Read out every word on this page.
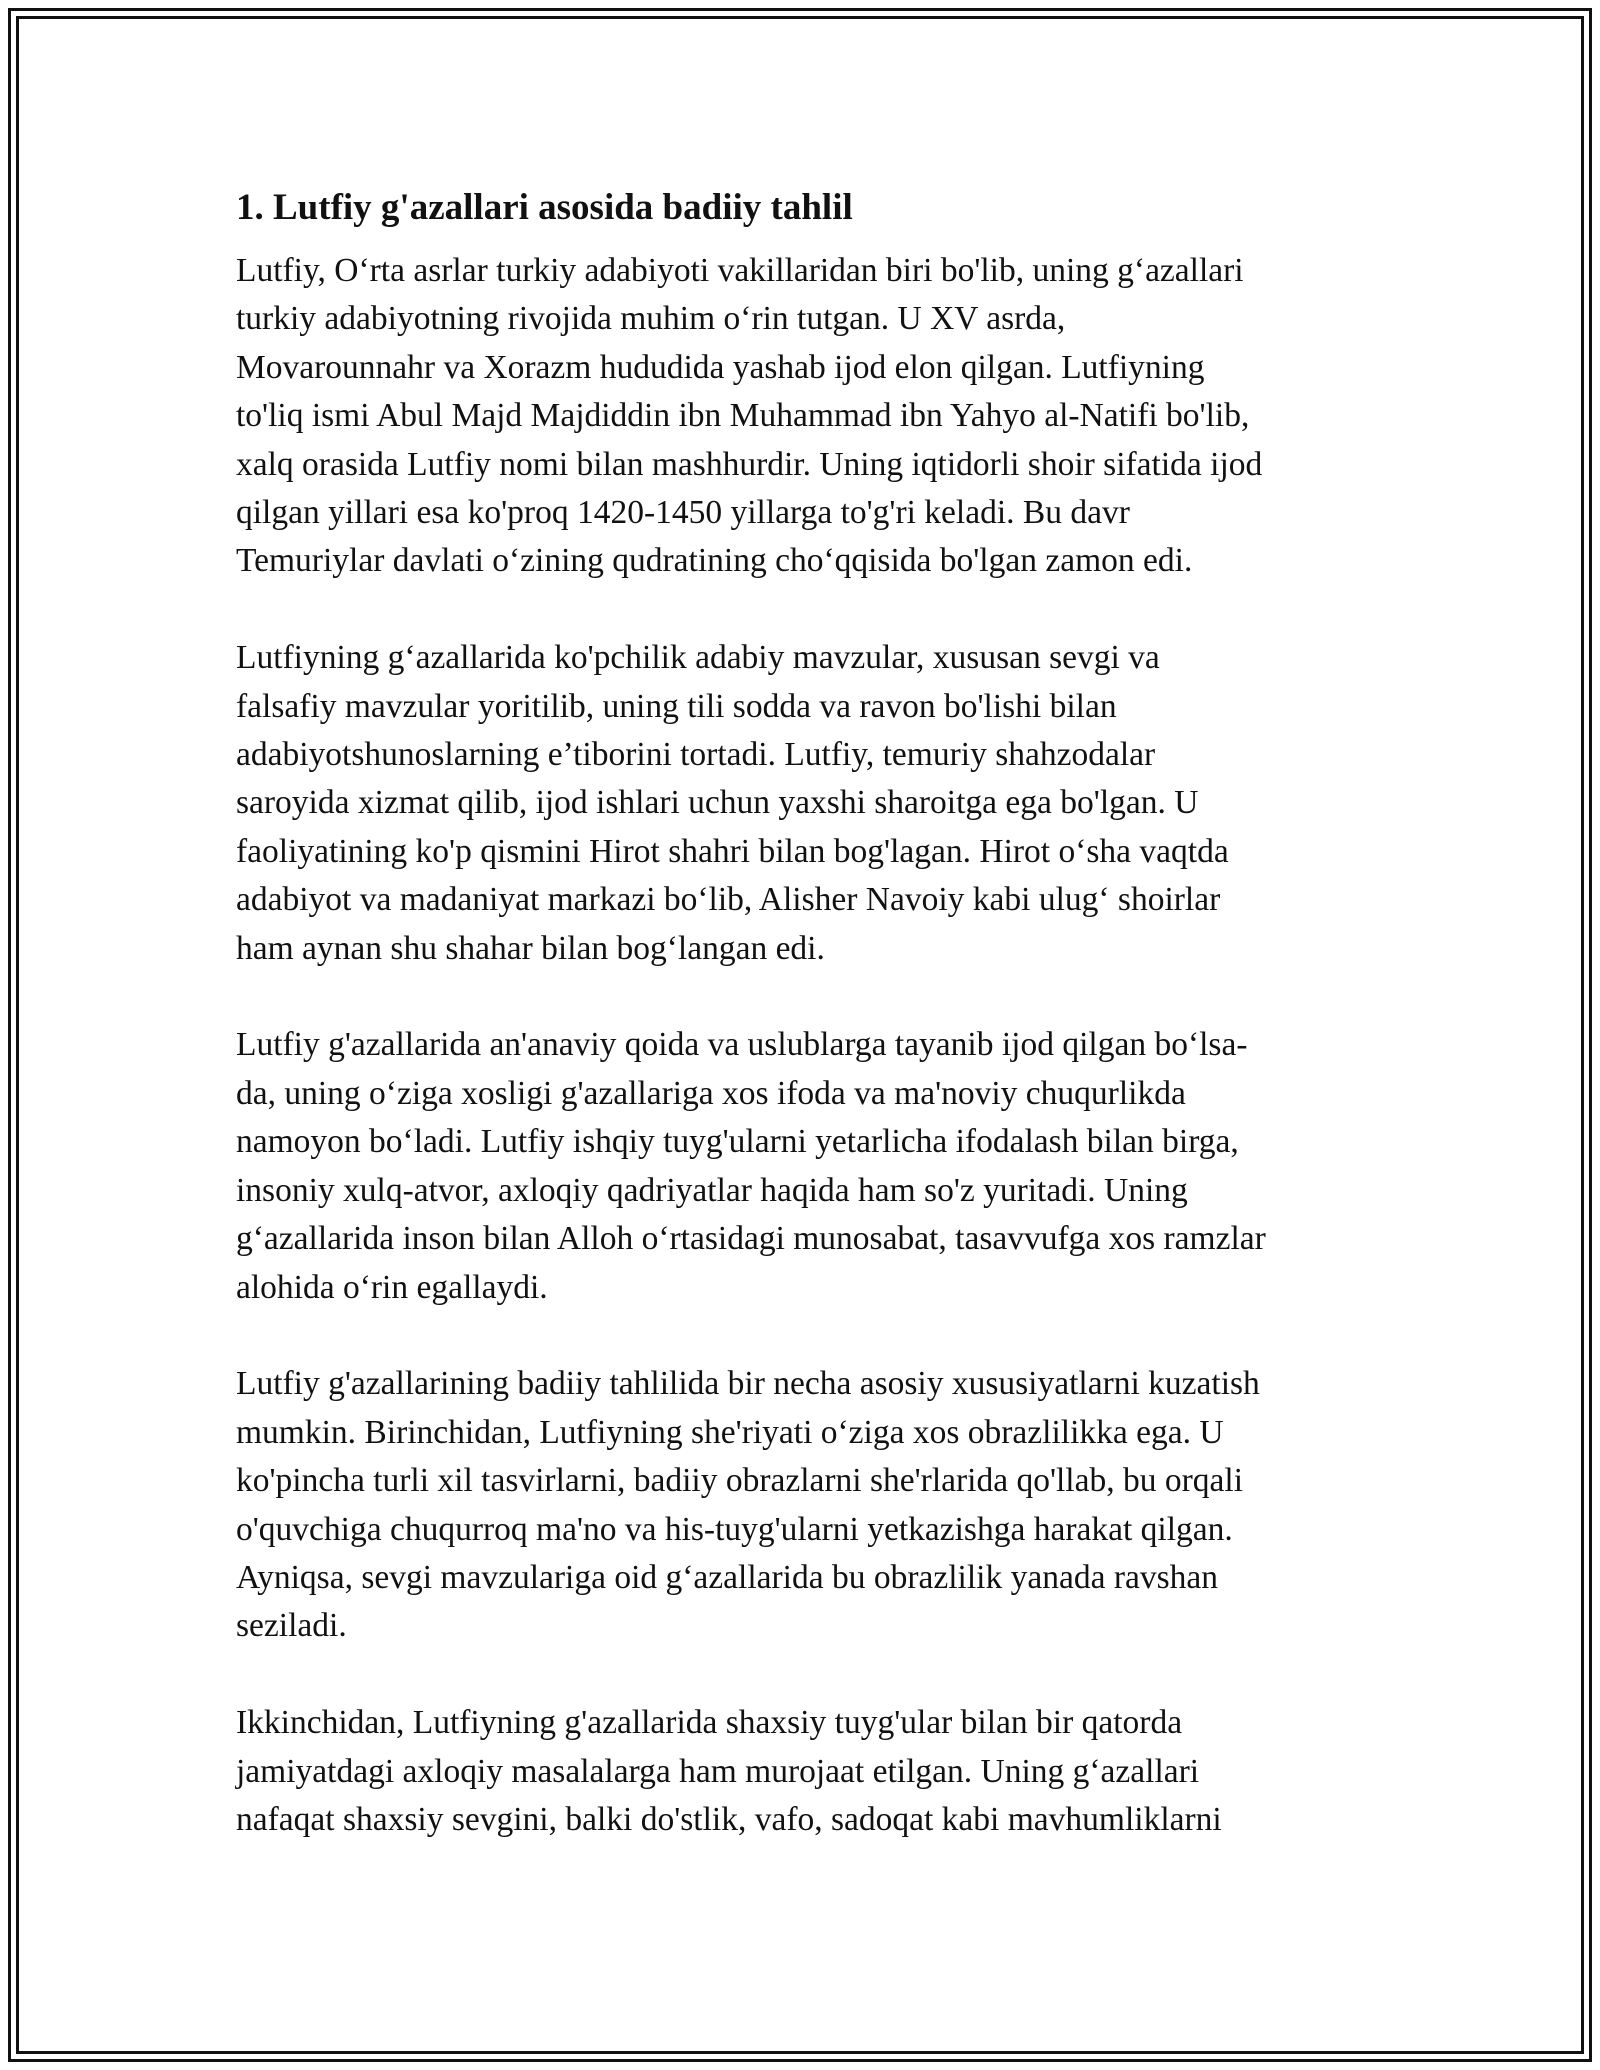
1. Lutfiy g'azallari asosida badiiy tahlil

Lutfiy, O‘rta asrlar turkiy adabiyoti vakillaridan biri bo'lib, uning g‘azallari
turkiy adabiyotning rivojida muhim o‘rin tutgan. U XV asrda,
Movarounnahr va Xorazm hududida yashab ijod elon qilgan. Lutfiyning
to'liq ismi Abul Majd Majdiddin ibn Muhammad ibn Yahyo al-Natifi bo'lib,
xalq orasida Lutfiy nomi bilan mashhurdir. Uning iqtidorli shoir sifatida ijod
qilgan yillari esa ko'proq 1420-1450 yillarga to'g'ri keladi. Bu davr
Temuriylar davlati o‘zining qudratining cho‘qqisida bo'lgan zamon edi.

Lutfiyning g‘azallarida ko'pchilik adabiy mavzular, xususan sevgi va
falsafiy mavzular yoritilib, uning tili sodda va ravon bo'lishi bilan
adabiyotshunoslarning e’tiborini tortadi. Lutfiy, temuriy shahzodalar
saroyida xizmat qilib, ijod ishlari uchun yaxshi sharoitga ega bo'lgan. U
faoliyatining ko'p qismini Hirot shahri bilan bog'lagan. Hirot o‘sha vaqtda
adabiyot va madaniyat markazi bo‘lib, Alisher Navoiy kabi ulug‘ shoirlar
ham aynan shu shahar bilan bog‘langan edi.

Lutfiy g'azallarida an'anaviy qoida va uslublarga tayanib ijod qilgan bo‘lsa-
da, uning o‘ziga xosligi g'azallariga xos ifoda va ma'noviy chuqurlikda
namoyon bo‘ladi. Lutfiy ishqiy tuyg'ularni yetarlicha ifodalash bilan birga,
insoniy xulq-atvor, axloqiy qadriyatlar haqida ham so'z yuritadi. Uning
g‘azallarida inson bilan Alloh o‘rtasidagi munosabat, tasavvufga xos ramzlar
alohida o‘rin egallaydi.

Lutfiy g'azallarining badiiy tahlilida bir necha asosiy xususiyatlarni kuzatish
mumkin. Birinchidan, Lutfiyning she'riyati o‘ziga xos obrazlilikka ega. U
ko'pincha turli xil tasvirlarni, badiiy obrazlarni she'rlarida qo'llab, bu orqali
o'quvchiga chuqurroq ma'no va his-tuyg'ularni yetkazishga harakat qilgan.
Ayniqsa, sevgi mavzulariga oid g‘azallarida bu obrazlilik yanada ravshan
seziladi.

Ikkinchidan, Lutfiyning g'azallarida shaxsiy tuyg'ular bilan bir qatorda
jamiyatdagi axloqiy masalalarga ham murojaat etilgan. Uning g‘azallari
nafaqat shaxsiy sevgini, balki do'stlik, vafo, sadoqat kabi mavhumliklarni
